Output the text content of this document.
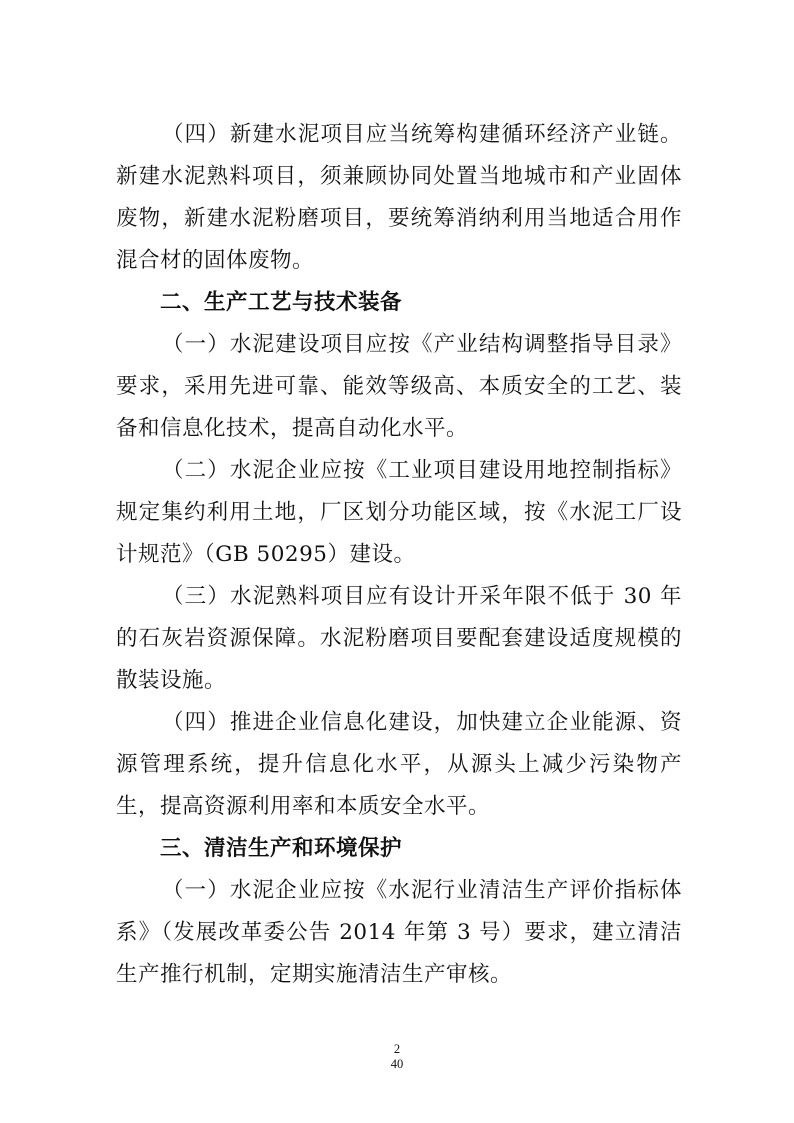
（四）新建水泥项目应当统筹构建循环经济产业链。新建水泥熟料项目，须兼顾协同处置当地城市和产业固体废物，新建水泥粉磨项目，要统筹消纳利用当地适合用作混合材的固体废物。

二、生产工艺与技术装备

（一）水泥建设项目应按《产业结构调整指导目录》要求，采用先进可靠、能效等级高、本质安全的工艺、装备和信息化技术，提高自动化水平。

（二）水泥企业应按《工业项目建设用地控制指标》规定集约利用土地，厂区划分功能区域，按《水泥工厂设计规范》（GB 50295）建设。

（三）水泥熟料项目应有设计开采年限不低于 30 年的石灰岩资源保障。水泥粉磨项目要配套建设适度规模的散装设施。

（四）推进企业信息化建设，加快建立企业能源、资源管理系统，提升信息化水平，从源头上减少污染物产生，提高资源利用率和本质安全水平。

三、清洁生产和环境保护

（一）水泥企业应按《水泥行业清洁生产评价指标体系》（发展改革委公告 2014 年第 3 号）要求，建立清洁生产推行机制，定期实施清洁生产审核。

2
40
